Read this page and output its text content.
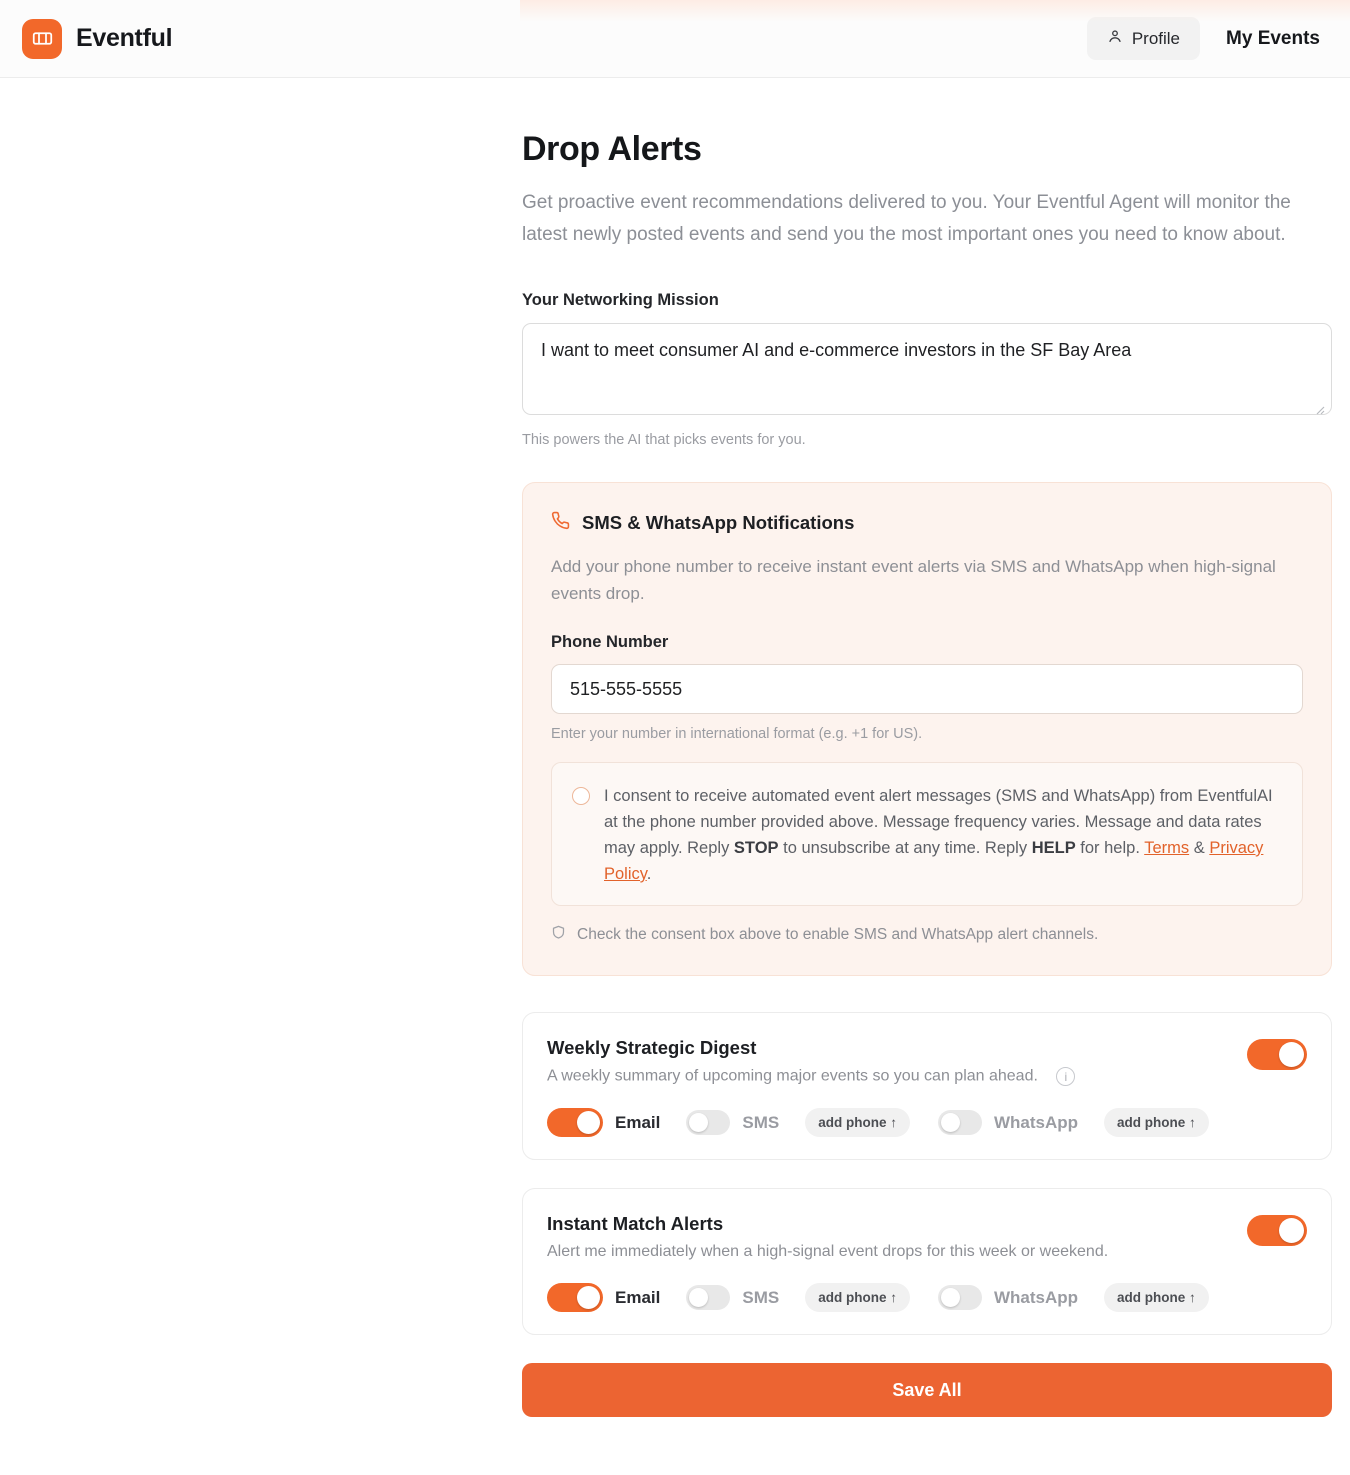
Eventful	Profile My Events
Drop Alerts

Get proactive event recommendations delivered to you. Your Eventful Agent will monitor the latest newly posted events and send you the most important ones you need to know about.

Your Networking Mission
I want to meet consumer AI and e-commerce investors in the SF Bay Area
This powers the AI that picks events for you.
SMS & WhatsApp Notifications
Add your phone number to receive instant event alerts via SMS and WhatsApp when high-signal events drop.
Phone Number
515-555-5555
Enter your number in international format (e.g. +1 for US).
I consent to receive automated event alert messages (SMS and WhatsApp) from EventfulAI at the phone number provided above. Message frequency varies. Message and data rates may apply. Reply STOP to unsubscribe at any time. Reply HELP for help. Terms & Privacy Policy.
Check the consent box above to enable SMS and WhatsApp alert channels.
Weekly Strategic Digest
A weekly summary of upcoming major events so you can plan ahead. i
Email	SMS	add phone ↑	WhatsApp	add phone ↑
Instant Match Alerts
Alert me immediately when a high-signal event drops for this week or weekend.
Email	SMS	add phone ↑	WhatsApp	add phone ↑
Save All
